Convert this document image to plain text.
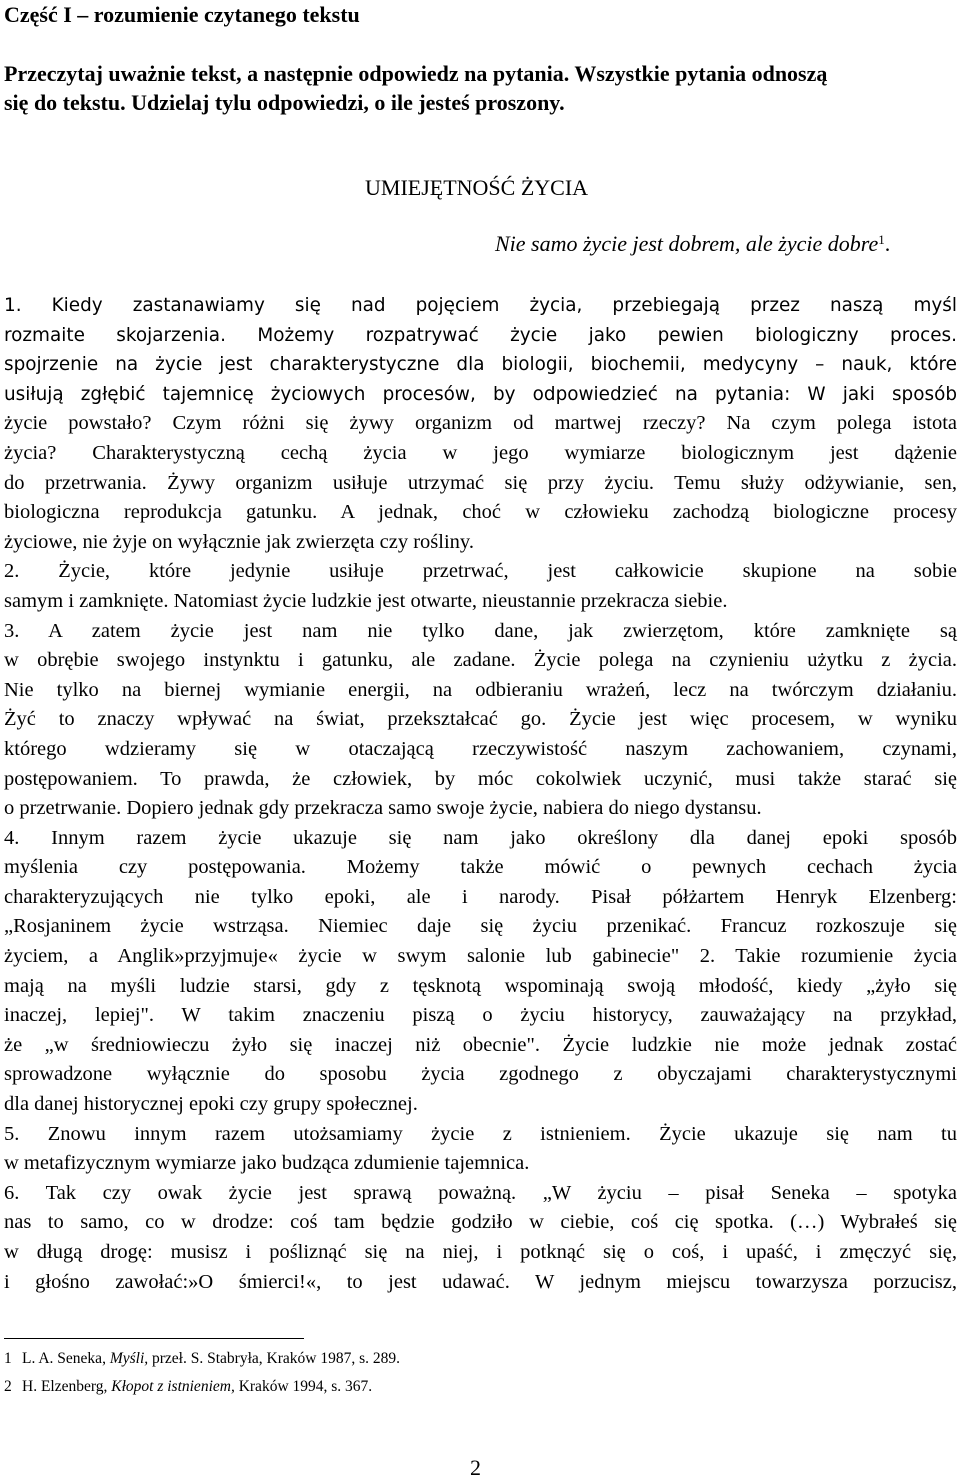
Część I – rozumienie czytanego tekstu

Przeczytaj uważnie tekst, a następnie odpowiedz na pytania. Wszystkie pytania odnoszą

się do tekstu. Udzielaj tylu odpowiedzi, o ile jesteś proszony.

UMIEJĘTNOŚĆ ŻYCIA

Nie samo życie jest dobrem, ale życie dobre$^1$.

1. Kiedy zastanawiamy się nad pojęciem życia, przebiegają przez naszą myśl
rozmaite skojarzenia. Możemy rozpatrywać życie jako pewien biologiczny proces.
spojrzenie na życie jest charakterystyczne dla biologii, biochemii, medycyny – nauk, które
usiłują zgłębić tajemnicę życiowych procesów, by odpowiedzieć na pytania: W jaki sposób
życie powstało? Czym różni się żywy organizm od martwej rzeczy? Na czym polega istota
życia? Charakterystyczną cechą życia w jego wymiarze biologicznym jest dążenie
do przetrwania. Żywy organizm usiłuje utrzymać się przy życiu. Temu służy odżywianie, sen,
biologiczna reprodukcja gatunku. A jednak, choć w człowieku zachodzą biologiczne procesy
życiowe, nie żyje on wyłącznie jak zwierzęta czy rośliny.
2. Życie, które jedynie usiłuje przetrwać, jest całkowicie skupione na sobie
samym i zamknięte. Natomiast życie ludzkie jest otwarte, nieustannie przekracza siebie.
3. A zatem życie jest nam nie tylko dane, jak zwierzętom, które zamknięte są
w obrębie swojego instynktu i gatunku, ale zadane. Życie polega na czynieniu użytku z życia.
Nie tylko na biernej wymianie energii, na odbieraniu wrażeń, lecz na twórczym działaniu.
Żyć to znaczy wpływać na świat, przekształcać go. Życie jest więc procesem, w wyniku
którego wdzieramy się w otaczającą rzeczywistość naszym zachowaniem, czynami,
postępowaniem. To prawda, że człowiek, by móc cokolwiek uczynić, musi także starać się
o przetrwanie. Dopiero jednak gdy przekracza samo swoje życie, nabiera do niego dystansu.
4. Innym razem życie ukazuje się nam jako określony dla danej epoki sposób
myślenia czy postępowania. Możemy także mówić o pewnych cechach życia
charakteryzujących nie tylko epoki, ale i narody. Pisał półżartem Henryk Elzenberg:
„Rosjaninem życie wstrząsa. Niemiec daje się życiu przenikać. Francuz rozkoszuje się
życiem, a Anglik»przyjmuje« życie w swym salonie lub gabinecie" 2. Takie rozumienie życia
mają na myśli ludzie starsi, gdy z tęsknotą wspominają swoją młodość, kiedy „żyło się
inaczej, lepiej". W takim znaczeniu piszą o życiu historycy, zauważający na przykład,
że „w średniowieczu żyło się inaczej niż obecnie". Życie ludzkie nie może jednak zostać
sprowadzone wyłącznie do sposobu życia zgodnego z obyczajami charakterystycznymi
dla danej historycznej epoki czy grupy społecznej.
5. Znowu innym razem utożsamiamy życie z istnieniem. Życie ukazuje się nam tu
w metafizycznym wymiarze jako budząca zdumienie tajemnica.
6. Tak czy owak życie jest sprawą poważną. „W życiu – pisał Seneka – spotyka
nas to samo, co w drodze: coś tam będzie godziło w ciebie, coś cię spotka. (…) Wybrałeś się
w długą drogę: musisz i pośliznąć się na niej, i potknąć się o coś, i upaść, i zmęczyć się,
i głośno zawołać:»O śmierci!«, to jest udawać. W jednym miejscu towarzysza porzucisz,
1 L. A. Seneka, Myśli, przeł. S. Stabryła, Kraków 1987, s. 289.
2 H. Elzenberg, Kłopot z istnieniem, Kraków 1994, s. 367.

2
